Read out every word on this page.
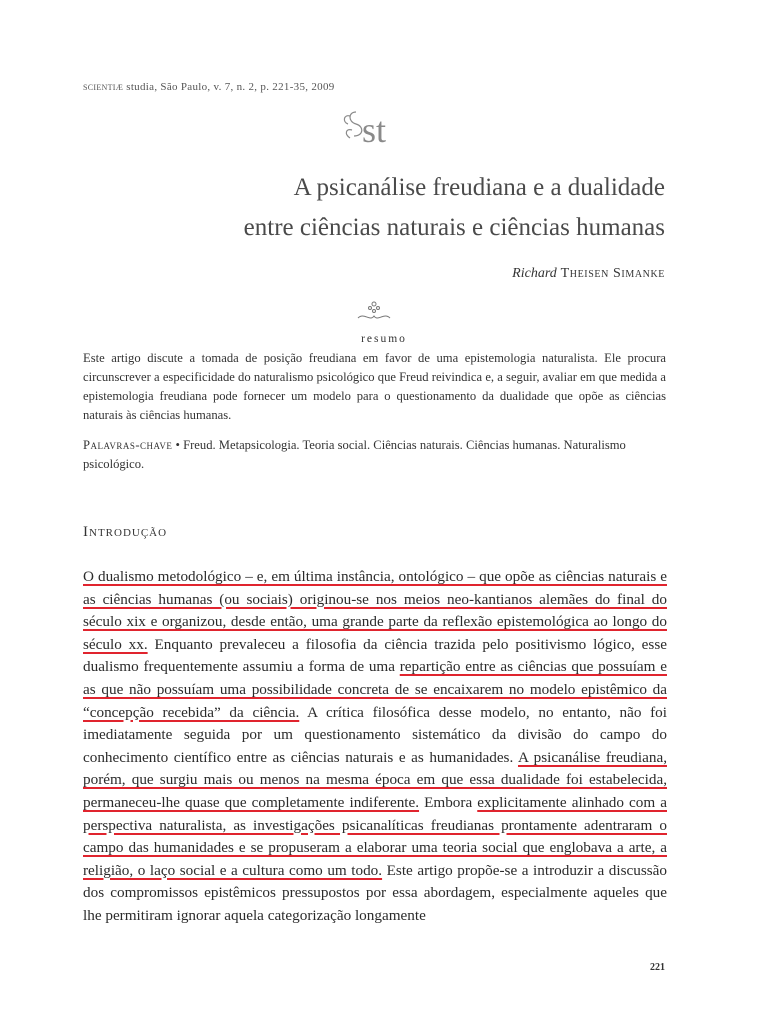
scientiæ studia, São Paulo, v. 7, n. 2, p. 221-35, 2009
st
A psicanálise freudiana e a dualidade
entre ciências naturais e ciências humanas
Richard Theisen Simanke
resumo
Este artigo discute a tomada de posição freudiana em favor de uma epistemologia naturalista. Ele procura circunscrever a especificidade do naturalismo psicológico que Freud reivindica e, a seguir, avaliar em que medida a epistemologia freudiana pode fornecer um modelo para o questionamento da dualidade que opõe as ciências naturais às ciências humanas.
Palavras-chave • Freud. Metapsicologia. Teoria social. Ciências naturais. Ciências humanas. Naturalismo psicológico.
Introdução
O dualismo metodológico – e, em última instância, ontológico – que opõe as ciências naturais e as ciências humanas (ou sociais) originou-se nos meios neo-kantianos alemães do final do século xix e organizou, desde então, uma grande parte da reflexão epistemológica ao longo do século xx. Enquanto prevaleceu a filosofia da ciência trazida pelo positivismo lógico, esse dualismo frequentemente assumiu a forma de uma repartição entre as ciências que possuíam e as que não possuíam uma possibilidade concreta de se encaixarem no modelo epistêmico da “concepção recebida” da ciência. A crítica filosófica desse modelo, no entanto, não foi imediatamente seguida por um questionamento sistemático da divisão do campo do conhecimento científico entre as ciências naturais e as humanidades. A psicanálise freudiana, porém, que surgiu mais ou menos na mesma época em que essa dualidade foi estabelecida, permaneceu-lhe quase que completamente indiferente. Embora explicitamente alinhado com a perspectiva naturalista, as investigações psicanalíticas freudianas prontamente adentraram o campo das humanidades e se propuseram a elaborar uma teoria social que englobava a arte, a religião, o laço social e a cultura como um todo. Este artigo propõe-se a introduzir a discussão dos compromissos epistêmicos pressupostos por essa abordagem, especialmente aqueles que lhe permitiram ignorar aquela categorização longamente
221
